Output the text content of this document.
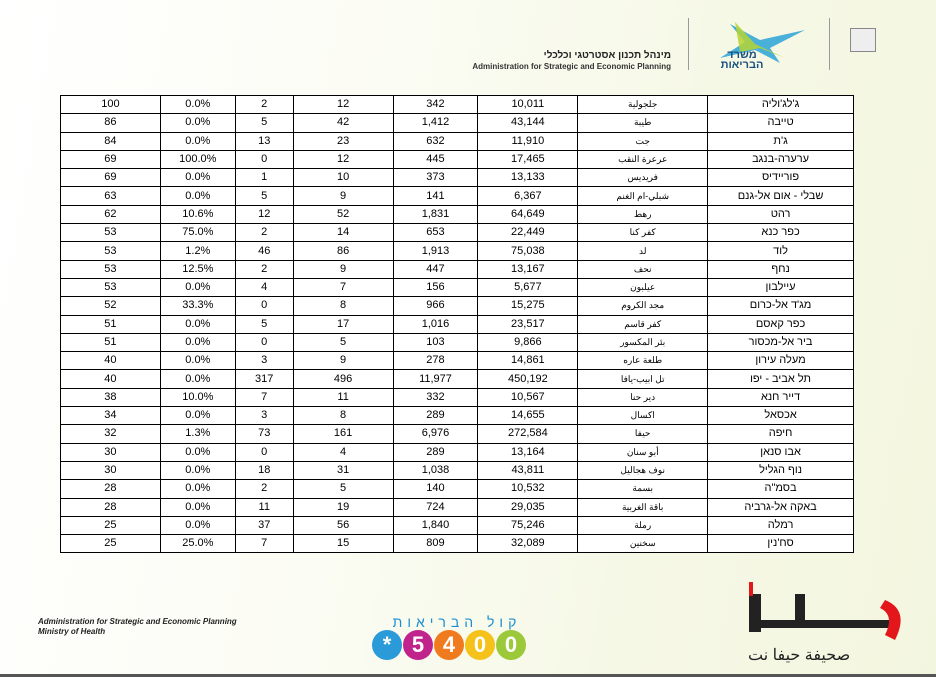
מינהל תכנון אסטרטגי וכלכלי
Administration for Strategic and Economic Planning
משרד הבריאות
100	0.0%	2	12	342	10,011	جلجولية	ג'לג'וליה
86	0.0%	5	42	1,412	43,144	طيبة	טייבה
84	0.0%	13	23	632	11,910	جت	ג'ת
69	100.0%	0	12	445	17,465	عرعرة النقب	ערערה-בנגב
69	0.0%	1	10	373	13,133	فريديس	פוריידיס
63	0.0%	5	9	141	6,367	شبلي-ام الغنم	שבלי - אום אל-גנם
62	10.6%	12	52	1,831	64,649	رهط	רהט
53	75.0%	2	14	653	22,449	كفر كنا	כפר כנא
53	1.2%	46	86	1,913	75,038	لد	לוד
53	12.5%	2	9	447	13,167	نحف	נחף
53	0.0%	4	7	156	5,677	عيلبون	עיילבון
52	33.3%	0	8	966	15,275	مجد الكروم	מג'ד אל-כרום
51	0.0%	5	17	1,016	23,517	كفر قاسم	כפר קאסם
51	0.0%	0	5	103	9,866	بئر المكسور	ביר אל-מכסור
40	0.0%	3	9	278	14,861	طلعة عاره	מעלה עירון
40	0.0%	317	496	11,977	450,192	تل ابيب-يافا	תל אביב - יפו
38	10.0%	7	11	332	10,567	دير حنا	דייר חנא
34	0.0%	3	8	289	14,655	اكسال	אכסאל
32	1.3%	73	161	6,976	272,584	حيفا	חיפה
30	0.0%	0	4	289	13,164	أبو سنان	אבו סנאן
30	0.0%	18	31	1,038	43,811	نوف هجاليل	נוף הגליל
28	0.0%	2	5	140	10,532	بسمة	בסמ"ה
28	0.0%	11	19	724	29,035	باقة الغربية	באקה אל-גרביה
25	0.0%	37	56	1,840	75,246	رملة	רמלה
25	25.0%	7	15	809	32,089	سخنين	סח'נין
Administration for Strategic and Economic Planning
Ministry of Health
קול הבריאות
* 5 4 0 0	صحيفة حيفا نت
